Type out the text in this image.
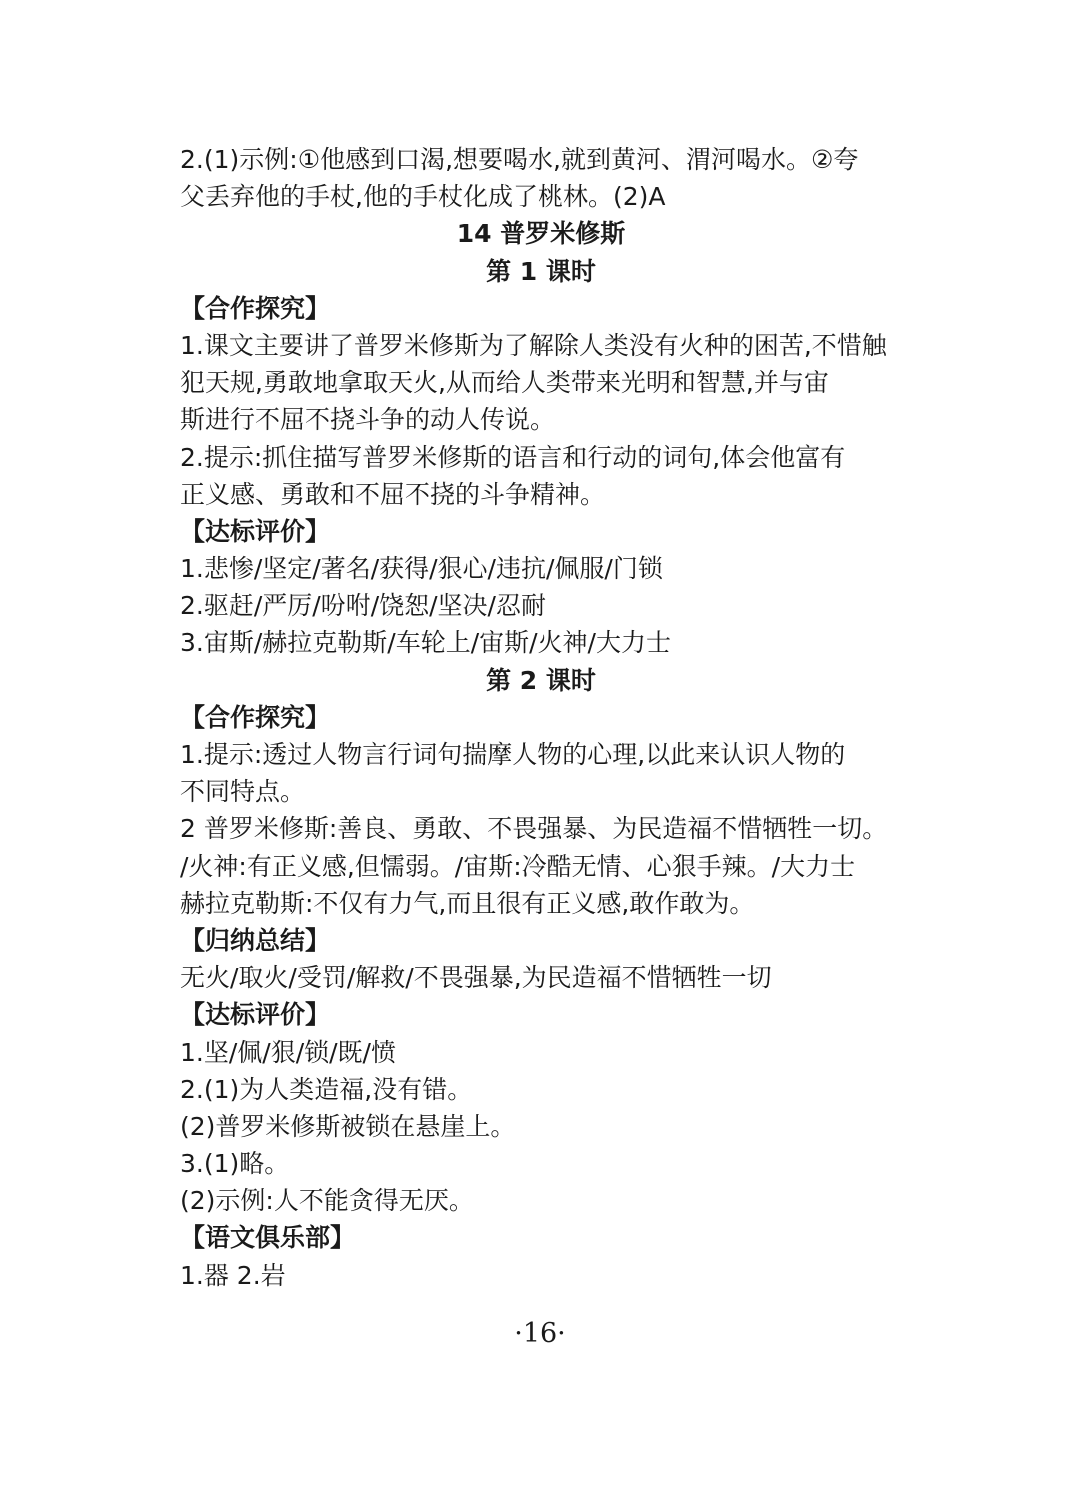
2.(1)示例:①他感到口渴,想要喝水,就到黄河、渭河喝水。②夸
父丢弃他的手杖,他的手杖化成了桃林。(2)A
14 普罗米修斯
第 1 课时
【合作探究】
1.课文主要讲了普罗米修斯为了解除人类没有火种的困苦,不惜触
犯天规,勇敢地拿取天火,从而给人类带来光明和智慧,并与宙
斯进行不屈不挠斗争的动人传说。
2.提示:抓住描写普罗米修斯的语言和行动的词句,体会他富有
正义感、勇敢和不屈不挠的斗争精神。
【达标评价】
1.悲惨/坚定/著名/获得/狠心/违抗/佩服/门锁
2.驱赶/严厉/吩咐/饶恕/坚决/忍耐
3.宙斯/赫拉克勒斯/车轮上/宙斯/火神/大力士
第 2 课时
【合作探究】
1.提示:透过人物言行词句揣摩人物的心理,以此来认识人物的
不同特点。
2 普罗米修斯:善良、勇敢、不畏强暴、为民造福不惜牺牲一切。
/火神:有正义感,但懦弱。/宙斯:冷酷无情、心狠手辣。/大力士
赫拉克勒斯:不仅有力气,而且很有正义感,敢作敢为。
【归纳总结】
无火/取火/受罚/解救/不畏强暴,为民造福不惜牺牲一切
【达标评价】
1.坚/佩/狠/锁/既/愤
2.(1)为人类造福,没有错。
(2)普罗米修斯被锁在悬崖上。
3.(1)略。
(2)示例:人不能贪得无厌。
【语文俱乐部】
1.器 2.岩
·16·
